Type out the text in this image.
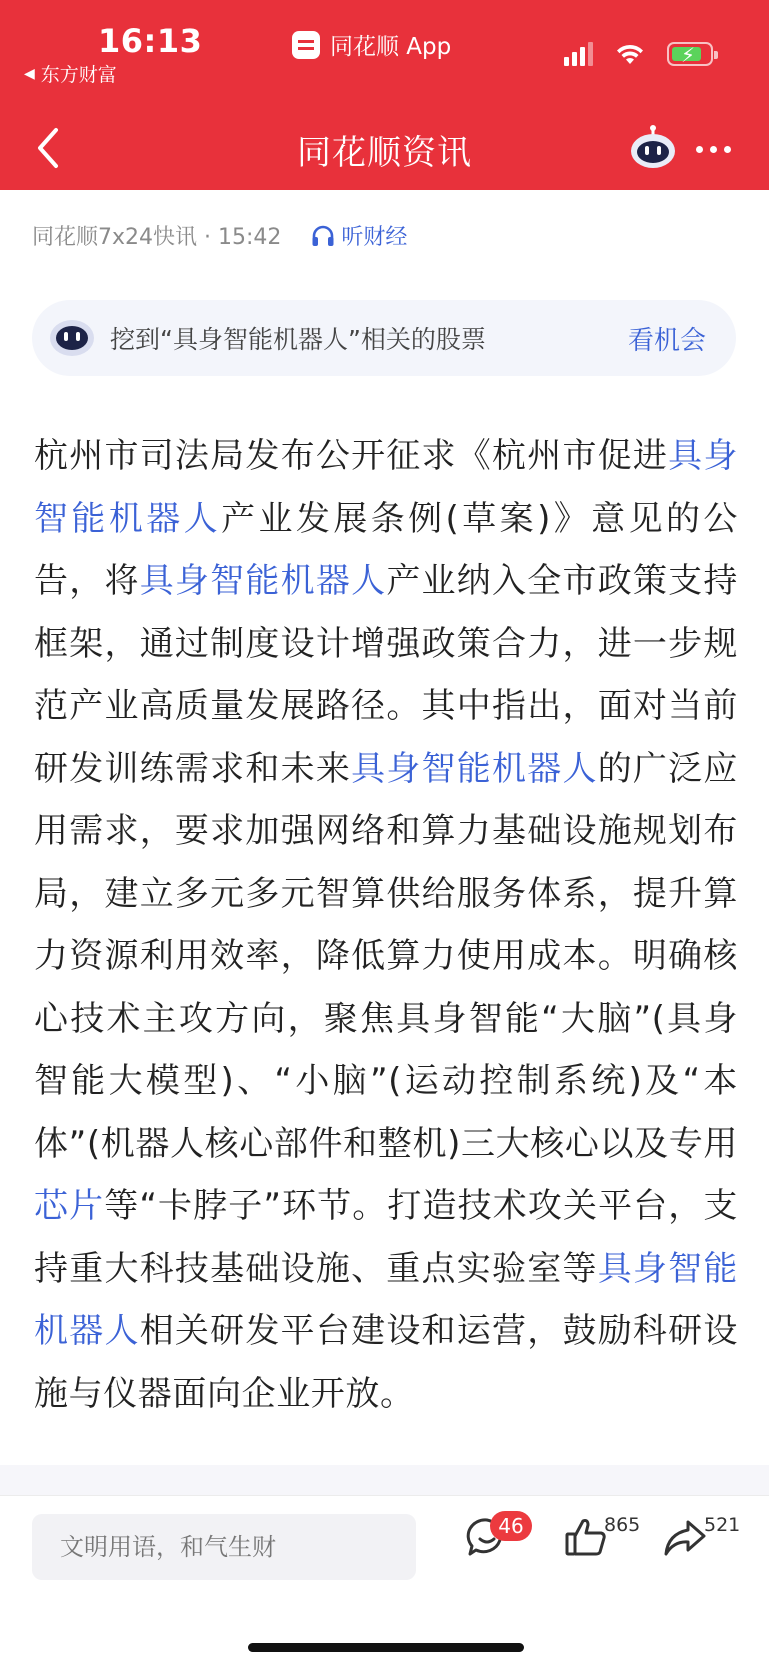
16:13
◀ 东方财富
同花顺 App	⚡
同花顺资讯
同花顺7x24快讯 · 15:42	听财经
挖到“具身智能机器人”相关的股票	看机会
杭州市司法局发布公开征求《杭州市促进具身智能机器人产业发展条例(草案)》意见的公告，将具身智能机器人产业纳入全市政策支持框架，通过制度设计增强政策合力，进一步规范产业高质量发展路径。其中指出，面对当前研发训练需求和未来具身智能机器人的广泛应用需求，要求加强网络和算力基础设施规划布局，建立多元多元智算供给服务体系，提升算力资源利用效率，降低算力使用成本。明确核心技术主攻方向，聚焦具身智能“大脑”(具身智能大模型)、“小脑”(运动控制系统)及“本体”(机器人核心部件和整机)三大核心以及专用芯片等“卡脖子”环节。打造技术攻关平台，支持重大科技基础设施、重点实验室等具身智能机器人相关研发平台建设和运营，鼓励科研设施与仪器面向企业开放。
文明用语，和气生财
46	865	521
